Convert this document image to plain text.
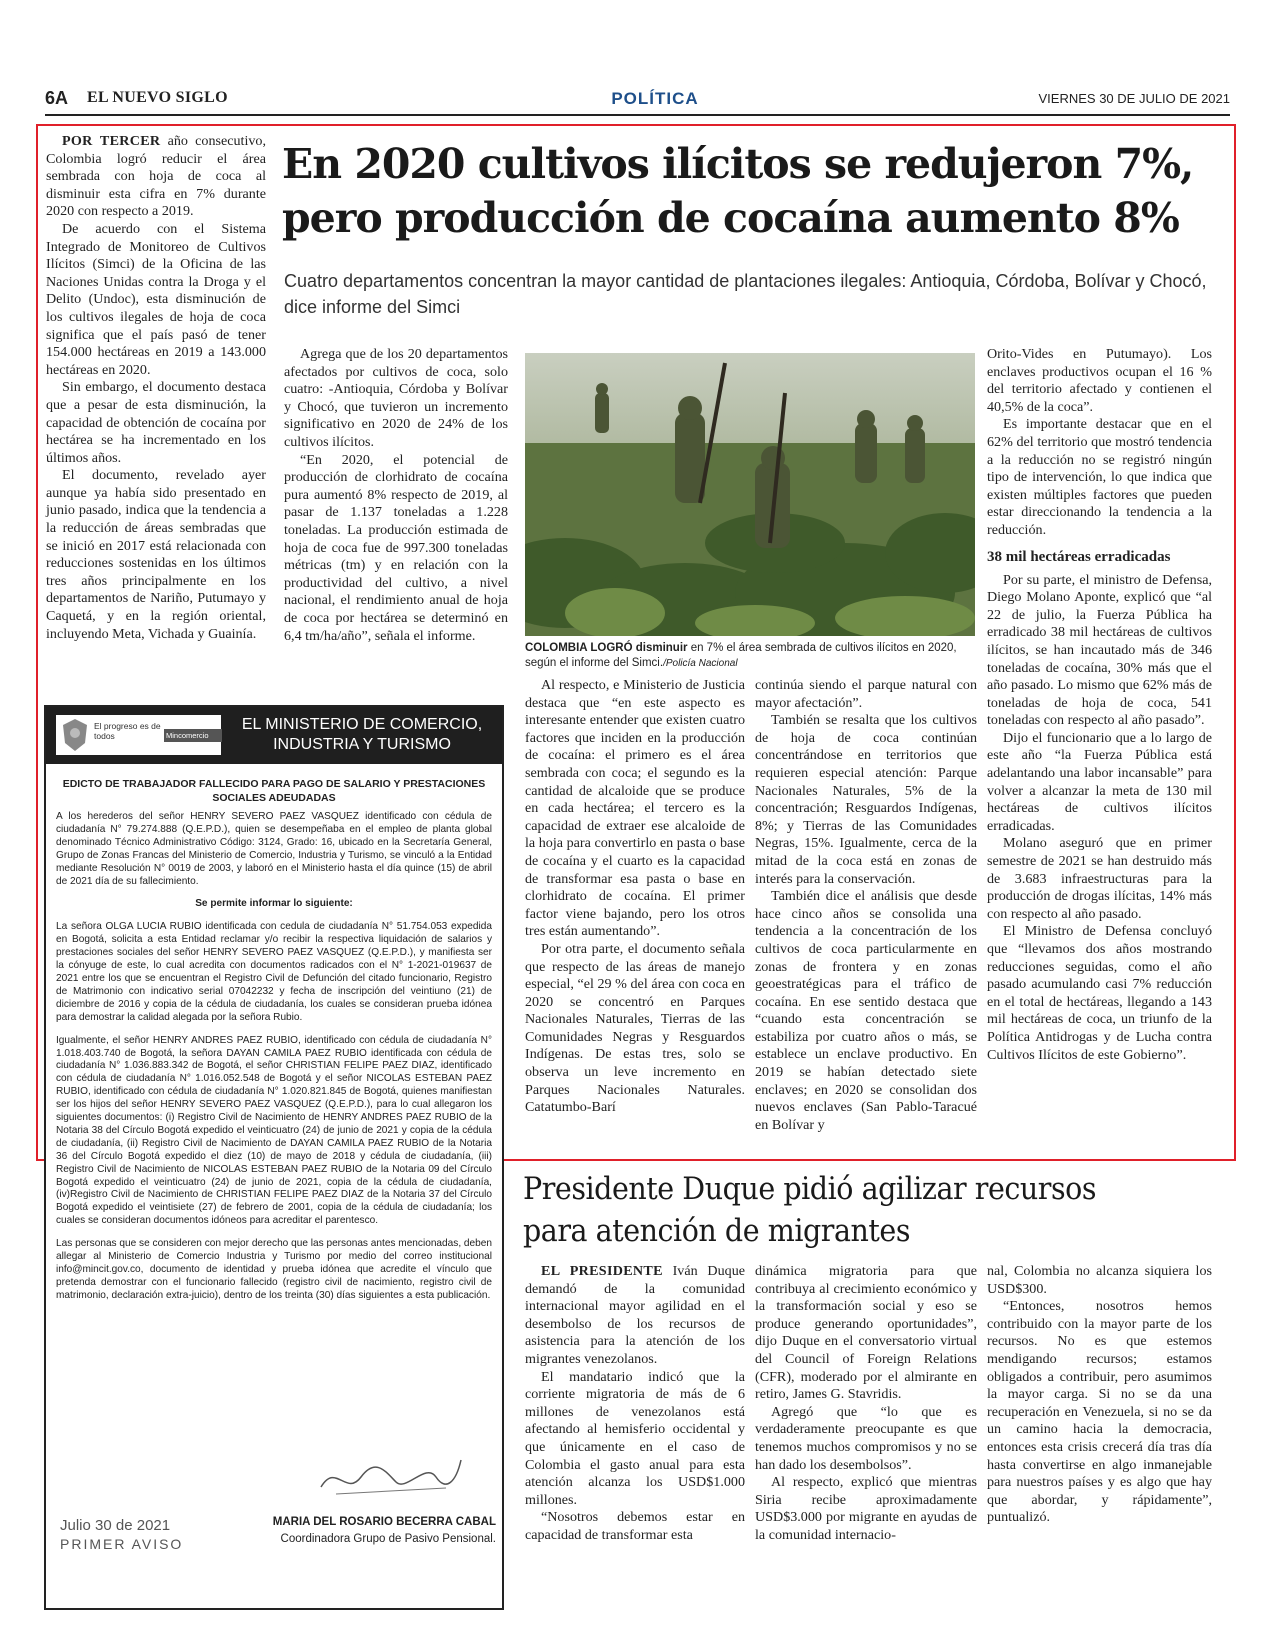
6A EL NUEVO SIGLO	POLÍTICA	VIERNES 30 DE JULIO DE 2021
En 2020 cultivos ilícitos se redujeron 7%, pero producción de cocaína aumento 8%
Cuatro departamentos concentran la mayor cantidad de plantaciones ilegales: Antioquia, Córdoba, Bolívar y Chocó, dice informe del Simci

POR TERCER año consecutivo, Colombia logró reducir el área sembrada con hoja de coca al disminuir esta cifra en 7% durante 2020 con respecto a 2019.

De acuerdo con el Sistema Integrado de Monitoreo de Cultivos Ilícitos (Simci) de la Oficina de las Naciones Unidas contra la Droga y el Delito (Undoc), esta disminución de los cultivos ilegales de hoja de coca significa que el país pasó de tener 154.000 hectáreas en 2019 a 143.000 hectáreas en 2020.

Sin embargo, el documento destaca que a pesar de esta disminución, la capacidad de obtención de cocaína por hectárea se ha incrementado en los últimos años.

El documento, revelado ayer aunque ya había sido presentado en junio pasado, indica que la tendencia a la reducción de áreas sembradas que se inició en 2017 está relacionada con reducciones sostenidas en los últimos tres años principalmente en los departamentos de Nariño, Putumayo y Caquetá, y en la región oriental, incluyendo Meta, Vichada y Guainía.

Agrega que de los 20 departamentos afectados por cultivos de coca, solo cuatro: -Antioquia, Córdoba y Bolívar y Chocó, que tuvieron un incremento significativo en 2020 de 24% de los cultivos ilícitos.

“En 2020, el potencial de producción de clorhidrato de cocaína pura aumentó 8% respecto de 2019, al pasar de 1.137 toneladas a 1.228 toneladas. La producción estimada de hoja de coca fue de 997.300 toneladas métricas (tm) y en relación con la productividad del cultivo, a nivel nacional, el rendimiento anual de hoja de coca por hectárea se determinó en 6,4 tm/ha/año”, señala el informe.

COLOMBIA LOGRÓ disminuir en 7% el área sembrada de cultivos ilícitos en 2020, según el informe del Simci./Policía Nacional

Orito-Vides en Putumayo). Los enclaves productivos ocupan el 16 % del territorio afectado y contienen el 40,5% de la coca”.

Es importante destacar que en el 62% del territorio que mostró tendencia a la reducción no se registró ningún tipo de intervención, lo que indica que existen múltiples factores que pueden estar direccionando la tendencia a la reducción.

38 mil hectáreas erradicadas

Por su parte, el ministro de Defensa, Diego Molano Aponte, explicó que “al 22 de julio, la Fuerza Pública ha erradicado 38 mil hectáreas de cultivos ilícitos, se han incautado más de 346 toneladas de cocaína, 30% más que el año pasado. Lo mismo que 62% más de toneladas de hoja de coca, 541 toneladas con respecto al año pasado”.

Dijo el funcionario que a lo largo de este año “la Fuerza Pública está adelantando una labor incansable” para volver a alcanzar la meta de 130 mil hectáreas de cultivos ilícitos erradicadas.

Molano aseguró que en primer semestre de 2021 se han destruido más de 3.683 infraestructuras para la producción de drogas ilícitas, 14% más con respecto al año pasado.

El Ministro de Defensa concluyó que “llevamos dos años mostrando reducciones seguidas, como el año pasado acumulando casi 7% reducción en el total de hectáreas, llegando a 143 mil hectáreas de coca, un triunfo de la Política Antidrogas y de Lucha contra Cultivos Ilícitos de este Gobierno”.

Al respecto, e Ministerio de Justicia destaca que “en este aspecto es interesante entender que existen cuatro factores que inciden en la producción de cocaína: el primero es el área sembrada con coca; el segundo es la cantidad de alcaloide que se produce en cada hectárea; el tercero es la capacidad de extraer ese alcaloide de la hoja para convertirlo en pasta o base de cocaína y el cuarto es la capacidad de transformar esa pasta o base en clorhidrato de cocaína. El primer factor viene bajando, pero los otros tres están aumentando”.

Por otra parte, el documento señala que respecto de las áreas de manejo especial, “el 29 % del área con coca en 2020 se concentró en Parques Nacionales Naturales, Tierras de las Comunidades Negras y Resguardos Indígenas. De estas tres, solo se observa un leve incremento en Parques Nacionales Naturales. Catatumbo-Barí

continúa siendo el parque natural con mayor afectación”.

También se resalta que los cultivos de hoja de coca continúan concentrándose en territorios que requieren especial atención: Parque Nacionales Naturales, 5% de la concentración; Resguardos Indígenas, 8%; y Tierras de las Comunidades Negras, 15%. Igualmente, cerca de la mitad de la coca está en zonas de interés para la conservación.

También dice el análisis que desde hace cinco años se consolida una tendencia a la concentración de los cultivos de coca particularmente en zonas de frontera y en zonas geoestratégicas para el tráfico de cocaína. En ese sentido destaca que “cuando esta concentración se estabiliza por cuatro años o más, se establece un enclave productivo. En 2019 se habían detectado siete enclaves; en 2020 se consolidan dos nuevos enclaves (San Pablo-Taracué en Bolívar y

El progreso es de todos	Mincomercio
EL MINISTERIO DE COMERCIO, INDUSTRIA Y TURISMO
EDICTO DE TRABAJADOR FALLECIDO PARA PAGO DE SALARIO Y PRESTACIONES SOCIALES ADEUDADAS

A los herederos del señor HENRY SEVERO PAEZ VASQUEZ identificado con cédula de ciudadanía N° 79.274.888 (Q.E.P.D.), quien se desempeñaba en el empleo de planta global denominado Técnico Administrativo Código: 3124, Grado: 16, ubicado en la Secretaría General, Grupo de Zonas Francas del Ministerio de Comercio, Industria y Turismo, se vinculó a la Entidad mediante Resolución N° 0019 de 2003, y laboró en el Ministerio hasta el día quince (15) de abril de 2021 día de su fallecimiento.

Se permite informar lo siguiente:

La señora OLGA LUCIA RUBIO identificada con cedula de ciudadanía N° 51.754.053 expedida en Bogotá, solicita a esta Entidad reclamar y/o recibir la respectiva liquidación de salarios y prestaciones sociales del señor HENRY SEVERO PAEZ VASQUEZ (Q.E.P.D.), y manifiesta ser la cónyuge de este, lo cual acredita con documentos radicados con el N° 1-2021-019637 de 2021 entre los que se encuentran el Registro Civil de Defunción del citado funcionario, Registro de Matrimonio con indicativo serial 07042232 y fecha de inscripción del veintiuno (21) de diciembre de 2016 y copia de la cédula de ciudadanía, los cuales se consideran prueba idónea para demostrar la calidad alegada por la señora Rubio.

Igualmente, el señor HENRY ANDRES PAEZ RUBIO, identificado con cédula de ciudadanía N° 1.018.403.740 de Bogotá, la señora DAYAN CAMILA PAEZ RUBIO identificada con cédula de ciudadanía N° 1.036.883.342 de Bogotá, el señor CHRISTIAN FELIPE PAEZ DIAZ, identificado con cédula de ciudadanía N° 1.016.052.548 de Bogotá y el señor NICOLAS ESTEBAN PAEZ RUBIO, identificado con cédula de ciudadanía N° 1.020.821.845 de Bogotá, quienes manifiestan ser los hijos del señor HENRY SEVERO PAEZ VASQUEZ (Q.E.P.D.), para lo cual allegaron los siguientes documentos: (i) Registro Civil de Nacimiento de HENRY ANDRES PAEZ RUBIO de la Notaria 38 del Círculo Bogotá expedido el veinticuatro (24) de junio de 2021 y copia de la cédula de ciudadanía, (ii) Registro Civil de Nacimiento de DAYAN CAMILA PAEZ RUBIO de la Notaria 36 del Círculo Bogotá expedido el diez (10) de mayo de 2018 y cédula de ciudadanía, (iii) Registro Civil de Nacimiento de NICOLAS ESTEBAN PAEZ RUBIO de la Notaria 09 del Círculo Bogotá expedido el veinticuatro (24) de junio de 2021, copia de la cédula de ciudadanía, (iv)Registro Civil de Nacimiento de CHRISTIAN FELIPE PAEZ DIAZ de la Notaria 37 del Círculo Bogotá expedido el veintisiete (27) de febrero de 2001, copia de la cédula de ciudadanía; los cuales se consideran documentos idóneos para acreditar el parentesco.

Las personas que se consideren con mejor derecho que las personas antes mencionadas, deben allegar al Ministerio de Comercio Industria y Turismo por medio del correo institucional info@mincit.gov.co, documento de identidad y prueba idónea que acredite el vínculo que pretenda demostrar con el funcionario fallecido (registro civil de nacimiento, registro civil de matrimonio, declaración extra-juicio), dentro de los treinta (30) días siguientes a esta publicación.

Julio 30 de 2021
PRIMER AVISO
MARIA DEL ROSARIO BECERRA CABAL
Coordinadora Grupo de Pasivo Pensional.
Presidente Duque pidió agilizar recursos para atención de migrantes

EL PRESIDENTE Iván Duque demandó de la comunidad internacional mayor agilidad en el desembolso de los recursos de asistencia para la atención de los migrantes venezolanos.

El mandatario indicó que la corriente migratoria de más de 6 millones de venezolanos está afectando al hemisferio occidental y que únicamente en el caso de Colombia el gasto anual para esta atención alcanza los USD$1.000 millones.

“Nosotros debemos estar en capacidad de transformar esta

dinámica migratoria para que contribuya al crecimiento económico y la transformación social y eso se produce generando oportunidades”, dijo Duque en el conversatorio virtual del Council of Foreign Relations (CFR), moderado por el almirante en retiro, James G. Stavridis.

Agregó que “lo que es verdaderamente preocupante es que tenemos muchos compromisos y no se han dado los desembolsos”.

Al respecto, explicó que mientras Siria recibe aproximadamente USD$3.000 por migrante en ayudas de la comunidad internacio-

nal, Colombia no alcanza siquiera los USD$300.

“Entonces, nosotros hemos contribuido con la mayor parte de los recursos. No es que estemos mendigando recursos; estamos obligados a contribuir, pero asumimos la mayor carga. Si no se da una recuperación en Venezuela, si no se da un camino hacia la democracia, entonces esta crisis crecerá día tras día hasta convertirse en algo inmanejable para nuestros países y es algo que hay que abordar, y rápidamente”, puntualizó.
